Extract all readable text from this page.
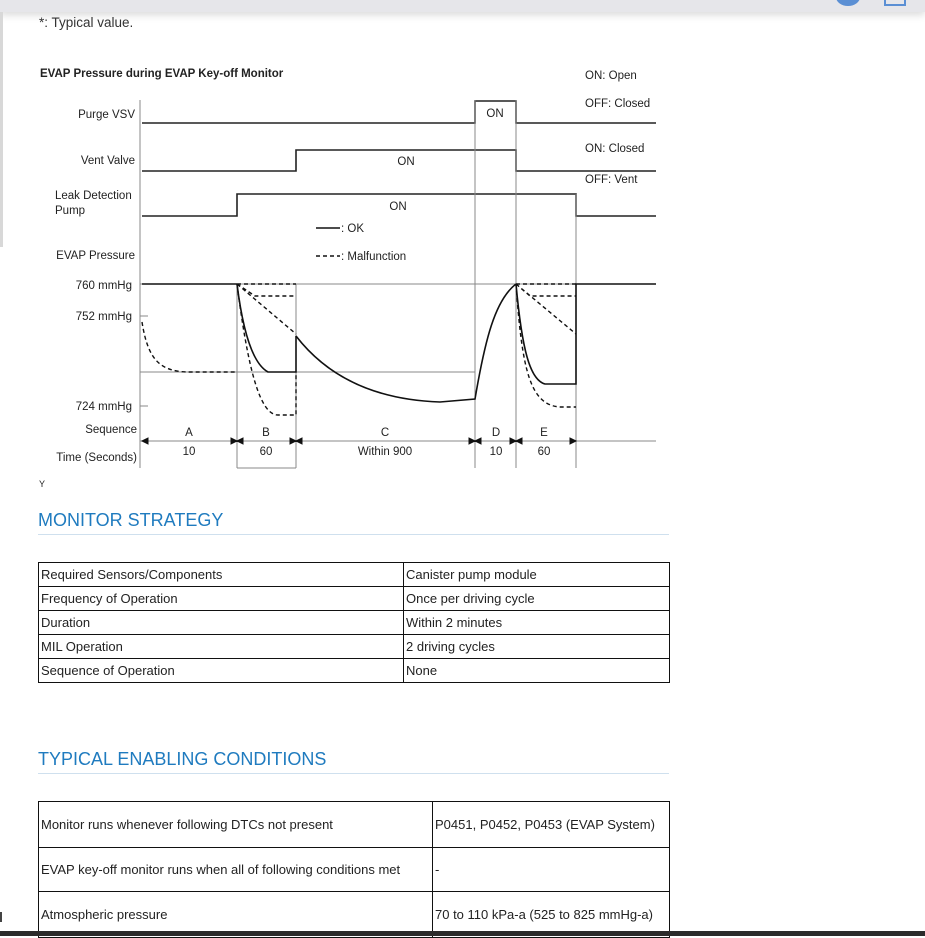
*: Typical value.
EVAP Pressure during EVAP Key-off Monitor
Purge VSV
Vent Valve
Leak Detection
Pump
EVAP Pressure
760 mmHg
752 mmHg
724 mmHg
Sequence
Time (Seconds)
ON: Open
OFF: Closed
ON: Closed
OFF: Vent
ON
ON
ON
: OK
: Malfunction
A
10
B
60
C
Within 900
D
10
E
60
Y
MONITOR STRATEGY
Required Sensors/Components	Canister pump module
Frequency of Operation	Once per driving cycle
Duration	Within 2 minutes
MIL Operation	2 driving cycles
Sequence of Operation	None
TYPICAL ENABLING CONDITIONS
Monitor runs whenever following DTCs not present	P0451, P0452, P0453 (EVAP System)
EVAP key-off monitor runs when all of following conditions met	-
Atmospheric pressure	70 to 110 kPa-a (525 to 825 mmHg-a)
